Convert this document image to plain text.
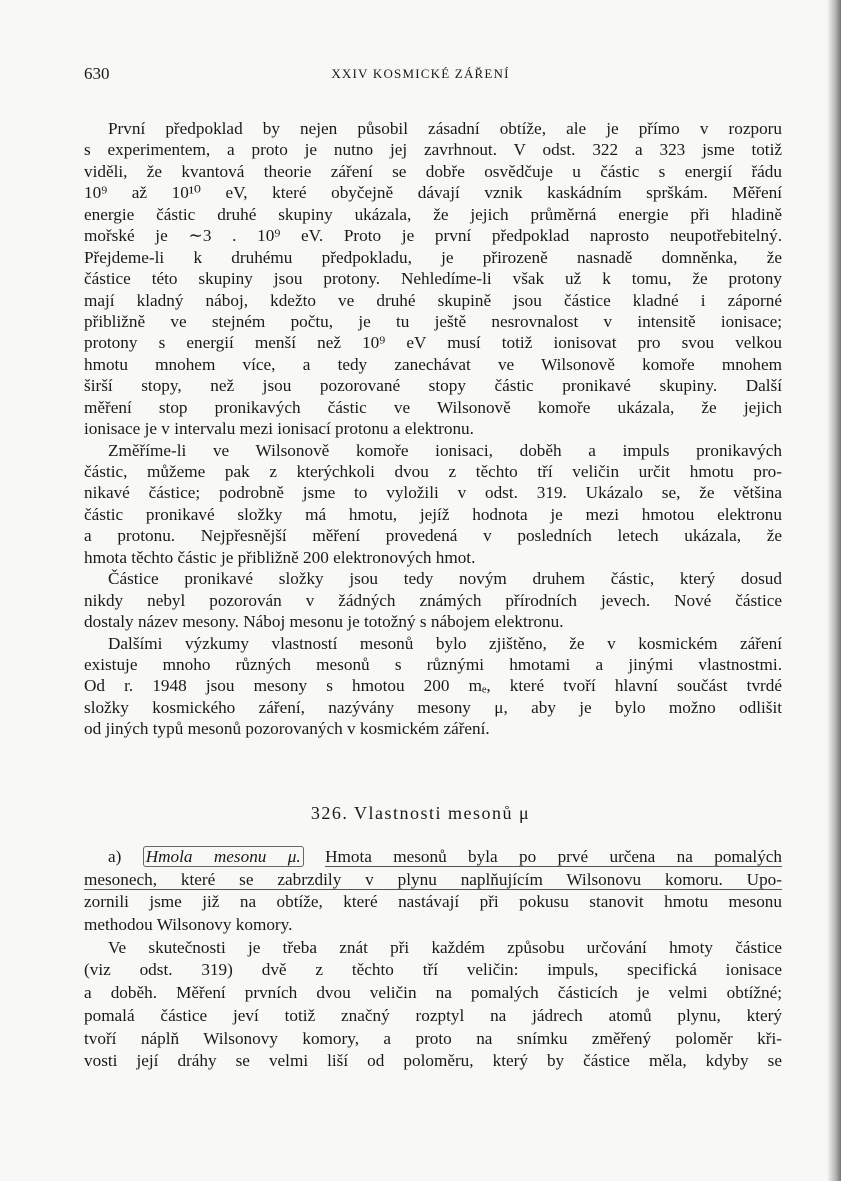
630	XXIV KOSMICKÉ ZÁŘENÍ
První předpoklad by nejen působil zásadní obtíže, ale je přímo v rozporu
s experimentem, a proto je nutno jej zavrhnout. V odst. 322 a 323 jsme totiž
viděli, že kvantová theorie záření se dobře osvědčuje u částic s energií řádu
10⁹ až 10¹⁰ eV, které obyčejně dávají vznik kaskádním sprškám. Měření
energie částic druhé skupiny ukázala, že jejich průměrná energie při hladině
mořské je ∼3 . 10⁹ eV. Proto je první předpoklad naprosto neupotřebitelný.
Přejdeme-li k druhému předpokladu, je přirozeně nasnadě domněnka, že
částice této skupiny jsou protony. Nehledíme-li však už k tomu, že protony
mají kladný náboj, kdežto ve druhé skupině jsou částice kladné i záporné
přibližně ve stejném počtu, je tu ještě nesrovnalost v intensitě ionisace;
protony s energií menší než 10⁹ eV musí totiž ionisovat pro svou velkou
hmotu mnohem více, a tedy zanechávat ve Wilsonově komoře mnohem
širší stopy, než jsou pozorované stopy částic pronikavé skupiny. Další
měření stop pronikavých částic ve Wilsonově komoře ukázala, že jejich
ionisace je v intervalu mezi ionisací protonu a elektronu.
Změříme-li ve Wilsonově komoře ionisaci, doběh a impuls pronikavých
částic, můžeme pak z kterýchkoli dvou z těchto tří veličin určit hmotu pro-
nikavé částice; podrobně jsme to vyložili v odst. 319. Ukázalo se, že většina
částic pronikavé složky má hmotu, jejíž hodnota je mezi hmotou elektronu
a protonu. Nejpřesnější měření provedená v posledních letech ukázala, že
hmota těchto částic je přibližně 200 elektronových hmot.
Částice pronikavé složky jsou tedy novým druhem částic, který dosud
nikdy nebyl pozorován v žádných známých přírodních jevech. Nové částice
dostaly název mesony. Náboj mesonu je totožný s nábojem elektronu.
Dalšími výzkumy vlastností mesonů bylo zjištěno, že v kosmickém záření
existuje mnoho různých mesonů s různými hmotami a jinými vlastnostmi.
Od r. 1948 jsou mesony s hmotou 200 mₑ, které tvoří hlavní součást tvrdé
složky kosmického záření, nazývány mesony μ, aby je bylo možno odlišit
od jiných typů mesonů pozorovaných v kosmickém záření.
326. Vlastnosti mesonů μ
a) Hmola mesonu μ. Hmota mesonů byla po prvé určena na pomalých
mesonech, které se zabrzdily v plynu naplňujícím Wilsonovu komoru. Upo-
zornili jsme již na obtíže, které nastávají při pokusu stanovit hmotu mesonu
methodou Wilsonovy komory.
Ve skutečnosti je třeba znát při každém způsobu určování hmoty částice
(viz odst. 319) dvě z těchto tří veličin: impuls, specifická ionisace
a doběh. Měření prvních dvou veličin na pomalých částicích je velmi obtížné;
pomalá částice jeví totiž značný rozptyl na jádrech atomů plynu, který
tvoří náplň Wilsonovy komory, a proto na snímku změřený poloměr kři-
vosti její dráhy se velmi liší od poloměru, který by částice měla, kdyby se
